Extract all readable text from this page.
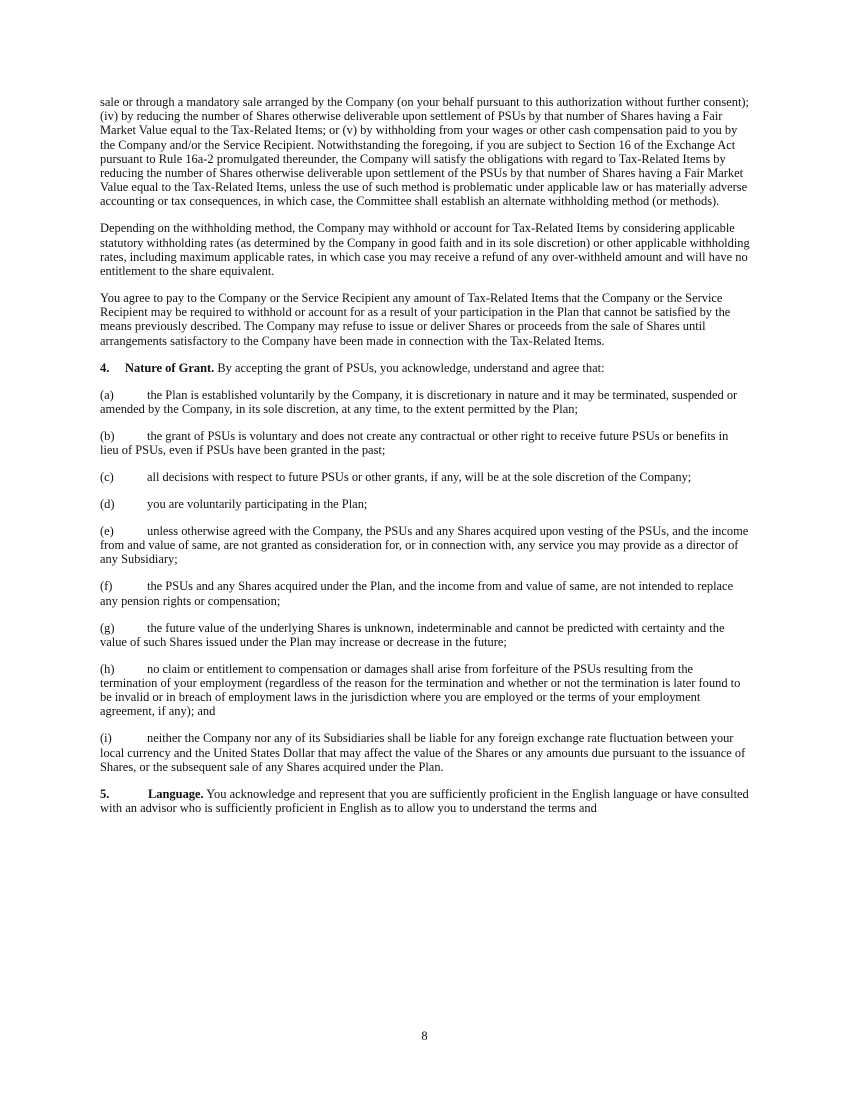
sale or through a mandatory sale arranged by the Company (on your behalf pursuant to this authorization without further consent); (iv) by reducing the number of Shares otherwise deliverable upon settlement of PSUs by that number of Shares having a Fair Market Value equal to the Tax-Related Items; or (v) by withholding from your wages or other cash compensation paid to you by the Company and/or the Service Recipient. Notwithstanding the foregoing, if you are subject to Section 16 of the Exchange Act pursuant to Rule 16a-2 promulgated thereunder, the Company will satisfy the obligations with regard to Tax-Related Items by reducing the number of Shares otherwise deliverable upon settlement of the PSUs by that number of Shares having a Fair Market Value equal to the Tax-Related Items, unless the use of such method is problematic under applicable law or has materially adverse accounting or tax consequences, in which case, the Committee shall establish an alternate withholding method (or methods).

Depending on the withholding method, the Company may withhold or account for Tax-Related Items by considering applicable statutory withholding rates (as determined by the Company in good faith and in its sole discretion) or other applicable withholding rates, including maximum applicable rates, in which case you may receive a refund of any over-withheld amount and will have no entitlement to the share equivalent.

You agree to pay to the Company or the Service Recipient any amount of Tax-Related Items that the Company or the Service Recipient may be required to withhold or account for as a result of your participation in the Plan that cannot be satisfied by the means previously described. The Company may refuse to issue or deliver Shares or proceeds from the sale of Shares until arrangements satisfactory to the Company have been made in connection with the Tax-Related Items.

4. Nature of Grant. By accepting the grant of PSUs, you acknowledge, understand and agree that:

(a)	the Plan is established voluntarily by the Company, it is discretionary in nature and it may be terminated, suspended or amended by the Company, in its sole discretion, at any time, to the extent permitted by the Plan;

(b)	the grant of PSUs is voluntary and does not create any contractual or other right to receive future PSUs or benefits in lieu of PSUs, even if PSUs have been granted in the past;

(c)	all decisions with respect to future PSUs or other grants, if any, will be at the sole discretion of the Company;

(d)	you are voluntarily participating in the Plan;

(e)	unless otherwise agreed with the Company, the PSUs and any Shares acquired upon vesting of the PSUs, and the income from and value of same, are not granted as consideration for, or in connection with, any service you may provide as a director of any Subsidiary;

(f)	the PSUs and any Shares acquired under the Plan, and the income from and value of same, are not intended to replace any pension rights or compensation;

(g)	the future value of the underlying Shares is unknown, indeterminable and cannot be predicted with certainty and the value of such Shares issued under the Plan may increase or decrease in the future;

(h)	no claim or entitlement to compensation or damages shall arise from forfeiture of the PSUs resulting from the termination of your employment (regardless of the reason for the termination and whether or not the termination is later found to be invalid or in breach of employment laws in the jurisdiction where you are employed or the terms of your employment agreement, if any); and

(i)	neither the Company nor any of its Subsidiaries shall be liable for any foreign exchange rate fluctuation between your local currency and the United States Dollar that may affect the value of the Shares or any amounts due pursuant to the issuance of Shares, or the subsequent sale of any Shares acquired under the Plan.

5.	Language. You acknowledge and represent that you are sufficiently proficient in the English language or have consulted with an advisor who is sufficiently proficient in English as to allow you to understand the terms and

8
